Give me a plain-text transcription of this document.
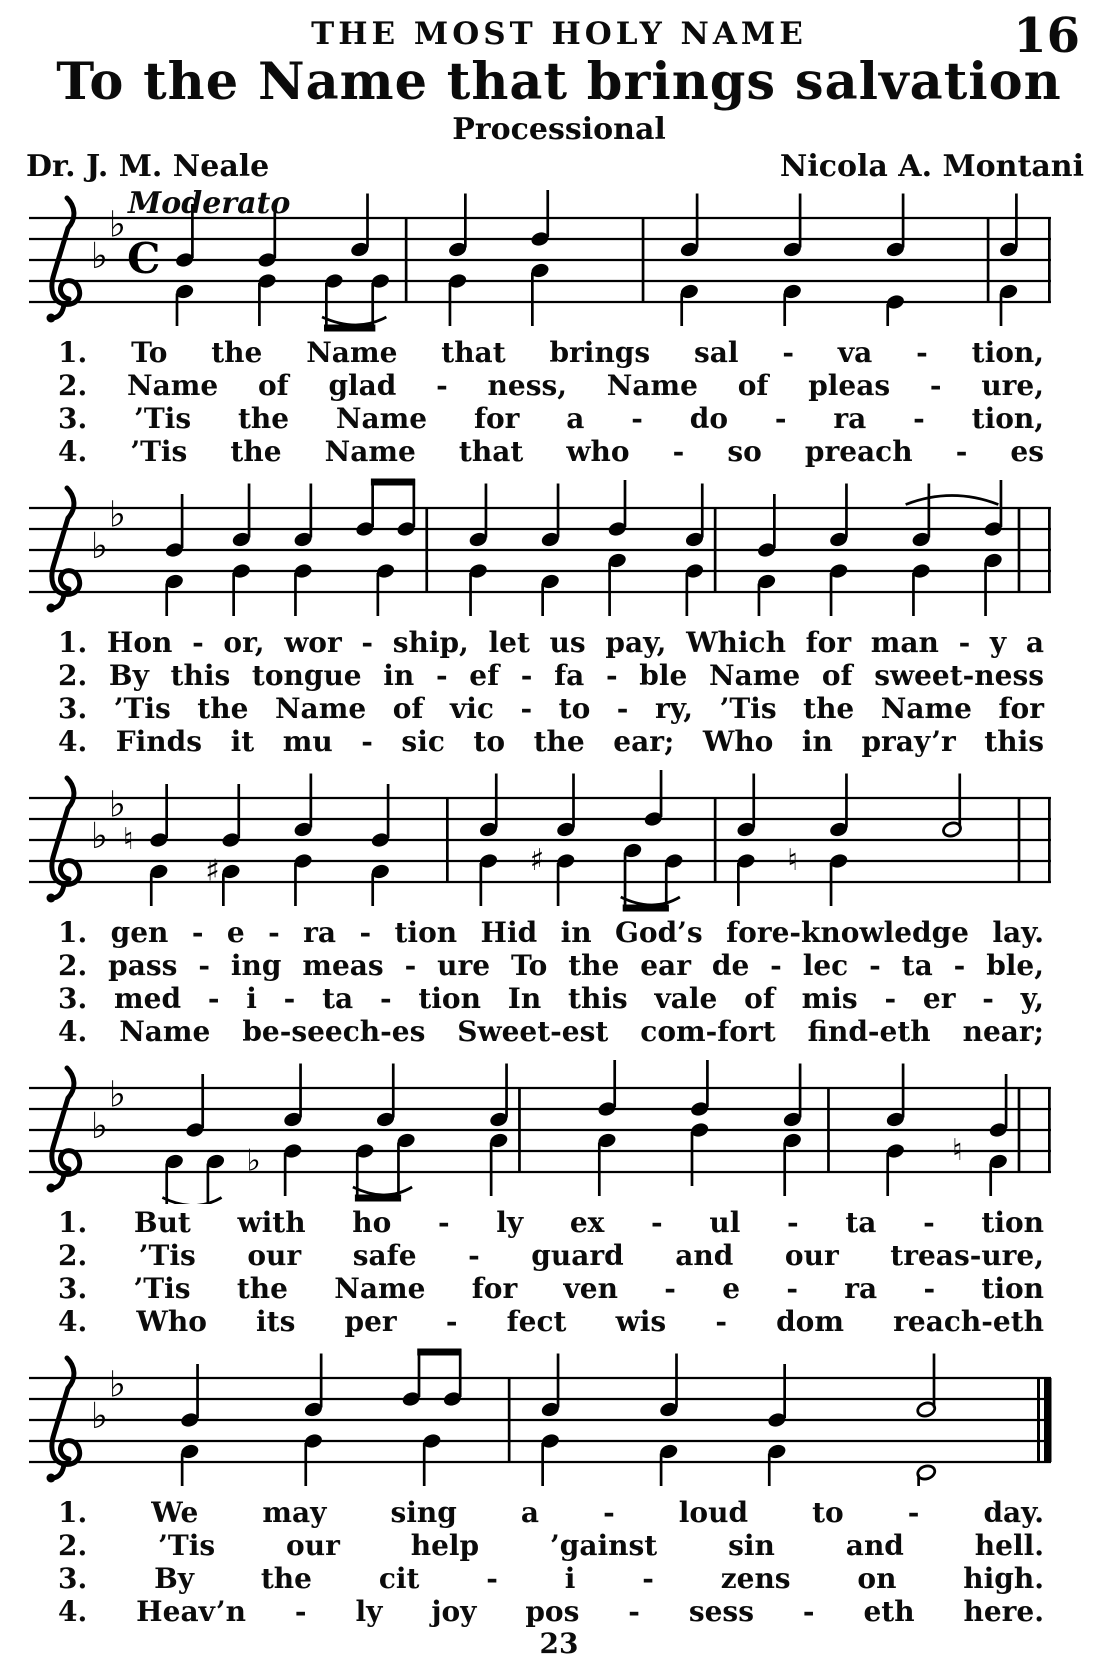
THE MOST HOLY NAME	16
To the Name that brings salvation
Processional
Dr. J. M. Neale	Nicola A. Montani
Moderato
♭
♭
C
1. To the Name that brings sal - va - tion,
2. Name of glad - ness, Name of pleas - ure,
3. ’Tis the Name for a - do - ra - tion,
4. ’Tis the Name that who - so preach - es
♭
♭
1. Hon - or, wor - ship, let us pay, Which for man - y a
2. By this tongue in - ef - fa - ble Name of sweet-ness
3. ’Tis the Name of vic - to - ry, ’Tis the Name for
4. Finds it mu - sic to the ear; Who in pray’r this
♭
♭
♮
♯	♯	♮
1. gen - e - ra - tion Hid in God’s fore-knowledge lay.
2. pass - ing meas - ure To the ear de - lec - ta - ble,
3. med - i - ta - tion In this vale of mis - er - y,
4. Name be-seech-es Sweet-est com-fort find-eth near;
♭
♭
♭	♮
1. But with ho - ly ex - ul - ta - tion
2. ’Tis our safe - guard and our treas-ure,
3. ’Tis the Name for ven - e - ra - tion
4. Who its per - fect wis - dom reach-eth
♭
♭
1. We may sing a - loud to - day.
2. ’Tis our help ’gainst sin and hell.
3. By the cit - i - zens on high.
4. Heav’n - ly joy pos - sess - eth here.
23
